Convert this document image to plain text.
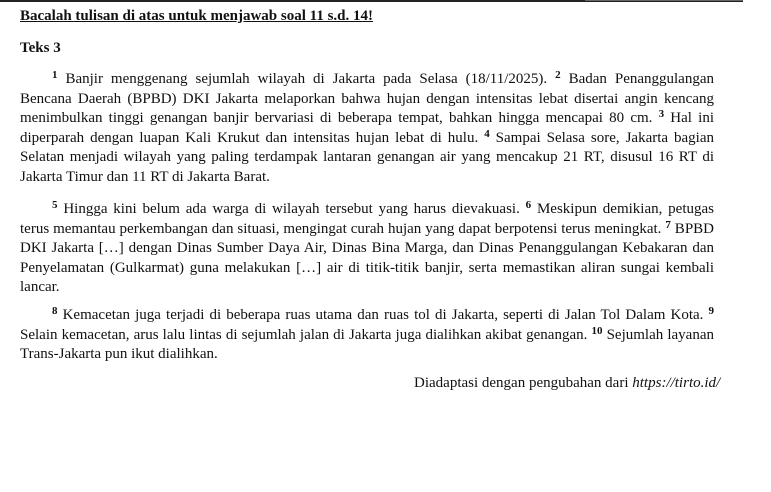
Bacalah tulisan di atas untuk menjawab soal 11 s.d. 14!
Teks 3

$^1$ Banjir menggenang sejumlah wilayah di Jakarta pada Selasa (18/11/2025). $^2$ Badan Penanggulangan Bencana Daerah (BPBD) DKI Jakarta melaporkan bahwa hujan dengan intensitas lebat disertai angin kencang menimbulkan tinggi genangan banjir bervariasi di beberapa tempat, bahkan hingga mencapai 80 cm. $^3$ Hal ini diperparah dengan luapan Kali Krukut dan intensitas hujan lebat di hulu. $^4$ Sampai Selasa sore, Jakarta bagian Selatan menjadi wilayah yang paling terdampak lantaran genangan air yang mencakup 21 RT, disusul 16 RT di Jakarta Timur dan 11 RT di Jakarta Barat.

$^5$ Hingga kini belum ada warga di wilayah tersebut yang harus dievakuasi. $^6$ Meskipun demikian, petugas terus memantau perkembangan dan situasi, mengingat curah hujan yang dapat berpotensi terus meningkat. $^7$ BPBD DKI Jakarta […] dengan Dinas Sumber Daya Air, Dinas Bina Marga, dan Dinas Penanggulangan Kebakaran dan Penyelamatan (Gulkarmat) guna melakukan […] air di titik-titik banjir, serta memastikan aliran sungai kembali lancar.

$^8$ Kemacetan juga terjadi di beberapa ruas utama dan ruas tol di Jakarta, seperti di Jalan Tol Dalam Kota. $^9$ Selain kemacetan, arus lalu lintas di sejumlah jalan di Jakarta juga dialihkan akibat genangan. $^{10}$ Sejumlah layanan Trans-Jakarta pun ikut dialihkan.

Diadaptasi dengan pengubahan dari https://tirto.id/
